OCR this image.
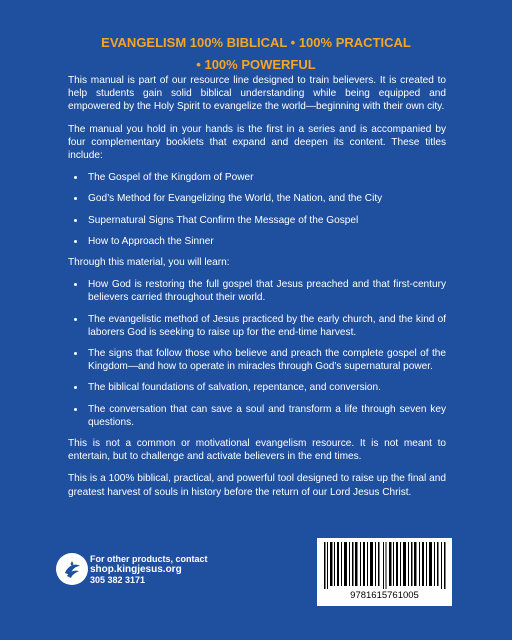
EVANGELISM 100% BIBLICAL • 100% PRACTICAL
• 100% POWERFUL

This manual is part of our resource line designed to train believers. It is created to help students gain solid biblical understanding while being equipped and empowered by the Holy Spirit to evangelize the world—beginning with their own city.

The manual you hold in your hands is the first in a series and is accompanied by four complementary booklets that expand and deepen its content. These titles include:

The Gospel of the Kingdom of Power
God’s Method for Evangelizing the World, the Nation, and the City
Supernatural Signs That Confirm the Message of the Gospel
How to Approach the Sinner

Through this material, you will learn:

How God is restoring the full gospel that Jesus preached and that first-century believers carried throughout their world.
The evangelistic method of Jesus practiced by the early church, and the kind of laborers God is seeking to raise up for the end-time harvest.
The signs that follow those who believe and preach the complete gospel of the Kingdom—and how to operate in miracles through God’s supernatural power.
The biblical foundations of salvation, repentance, and conversion.
The conversation that can save a soul and transform a life through seven key questions.

This is not a common or motivational evangelism resource. It is not meant to entertain, but to challenge and activate believers in the end times.

This is a 100% biblical, practical, and powerful tool designed to raise up the final and greatest harvest of souls in history before the return of our Lord Jesus Christ.

For other products, contact
shop.kingjesus.org
305 382 3171
9781615761005
